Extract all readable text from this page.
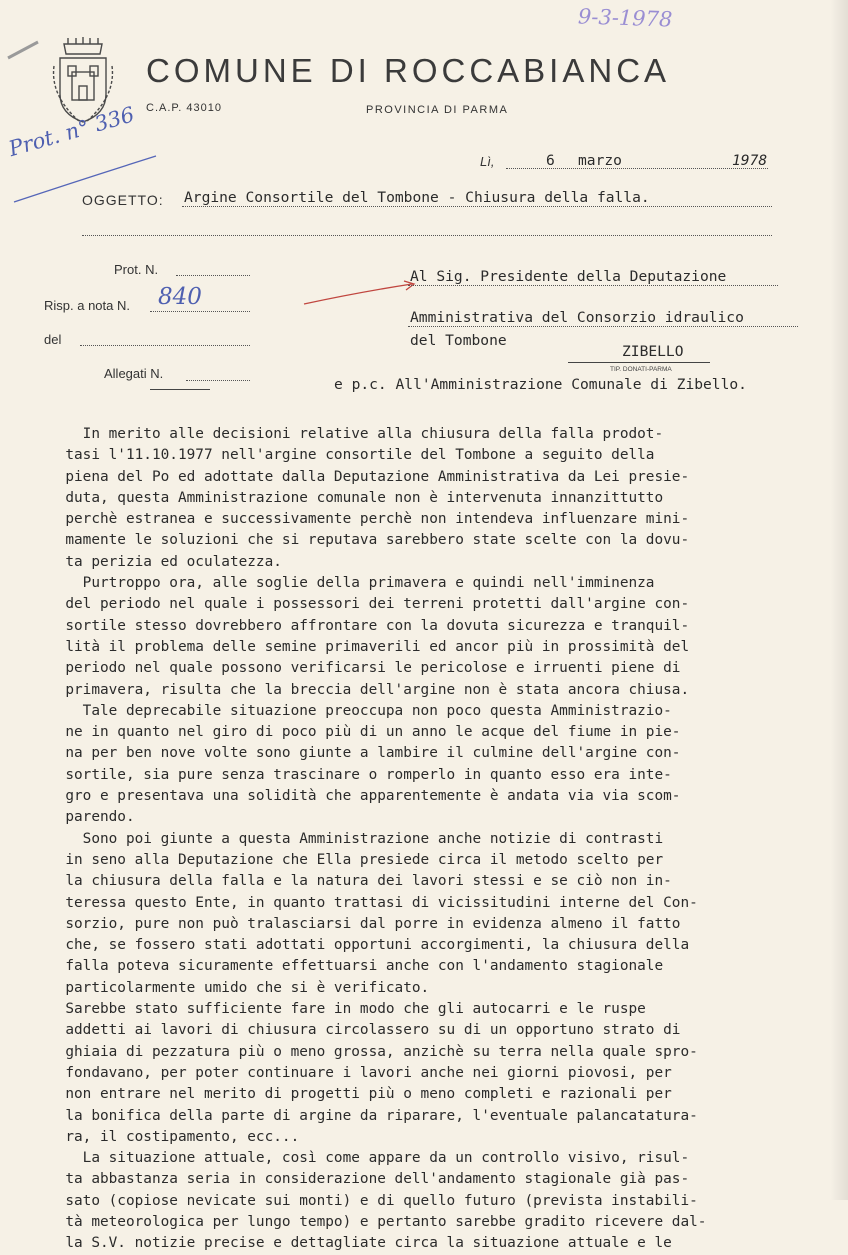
9-3-1978
COMUNE DI ROCCABIANCA
C.A.P. 43010	PROVINCIA DI PARMA
Prot. n° 336
Lì,	6 marzo	1978
OGGETTO: Argine Consortile del Tombone - Chiusura della falla.
Prot. N.
Risp. a nota N. 840
del
Allegati N.
Al Sig. Presidente della Deputazione
Amministrativa del Consorzio idraulico
del Tombone
ZIBELLO
TIP. DONATI-PARMA
e p.c. All'Amministrazione Comunale di Zibello.
In merito alle decisioni relative alla chiusura della falla prodot-
tasi l'11.10.1977 nell'argine consortile del Tombone a seguito della
piena del Po ed adottate dalla Deputazione Amministrativa da Lei presie-
duta, questa Amministrazione comunale non è intervenuta innanzittutto
perchè estranea e successivamente perchè non intendeva influenzare mini-
mamente le soluzioni che si reputava sarebbero state scelte con la dovu-
ta perizia ed oculatezza.
Purtroppo ora, alle soglie della primavera e quindi nell'imminenza
del periodo nel quale i possessori dei terreni protetti dall'argine con-
sortile stesso dovrebbero affrontare con la dovuta sicurezza e tranquil-
lità il problema delle semine primaverili ed ancor più in prossimità del
periodo nel quale possono verificarsi le pericolose e irruenti piene di
primavera, risulta che la breccia dell'argine non è stata ancora chiusa.
Tale deprecabile situazione preoccupa non poco questa Amministrazio-
ne in quanto nel giro di poco più di un anno le acque del fiume in pie-
na per ben nove volte sono giunte a lambire il culmine dell'argine con-
sortile, sia pure senza trascinare o romperlo in quanto esso era inte-
gro e presentava una solidità che apparentemente è andata via via scom-
parendo.
Sono poi giunte a questa Amministrazione anche notizie di contrasti
in seno alla Deputazione che Ella presiede circa il metodo scelto per
la chiusura della falla e la natura dei lavori stessi e se ciò non in-
teressa questo Ente, in quanto trattasi di vicissitudini interne del Con-
sorzio, pure non può tralasciarsi dal porre in evidenza almeno il fatto
che, se fossero stati adottati opportuni accorgimenti, la chiusura della
falla poteva sicuramente effettuarsi anche con l'andamento stagionale
particolarmente umido che si è verificato.
Sarebbe stato sufficiente fare in modo che gli autocarri e le ruspe
addetti ai lavori di chiusura circolassero su di un opportuno strato di
ghiaia di pezzatura più o meno grossa, anzichè su terra nella quale spro-
fondavano, per poter continuare i lavori anche nei giorni piovosi, per
non entrare nel merito di progetti più o meno completi e razionali per
la bonifica della parte di argine da riparare, l'eventuale palancatatura-
ra, il costipamento, ecc...
La situazione attuale, così come appare da un controllo visivo, risul-
ta abbastanza seria in considerazione dell'andamento stagionale già pas-
sato (copiose nevicate sui monti) e di quello futuro (prevista instabili-
tà meteorologica per lungo tempo) e pertanto sarebbe gradito ricevere dal-
la S.V. notizie precise e dettagliate circa la situazione attuale e le
